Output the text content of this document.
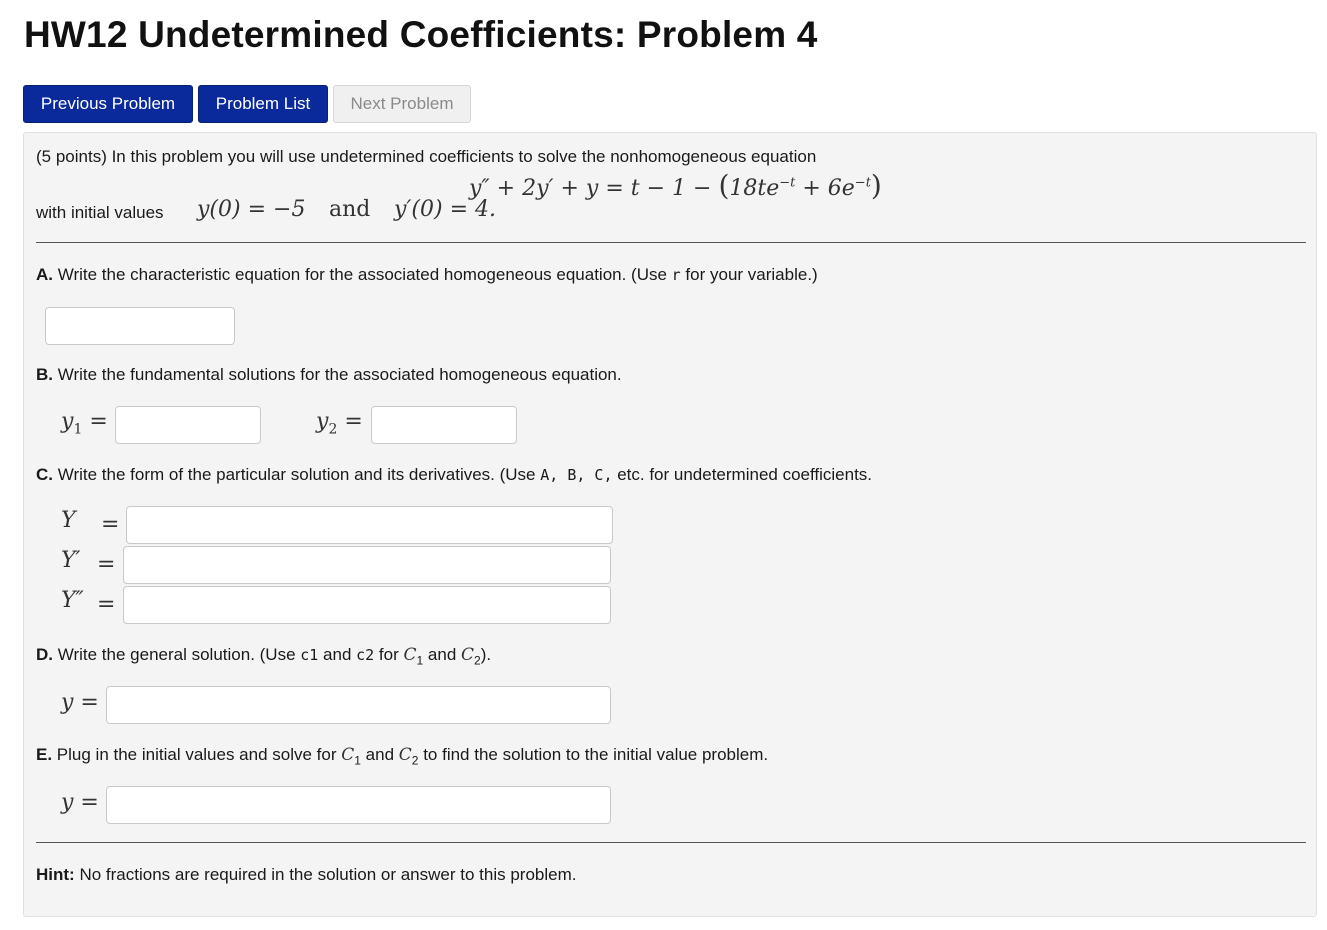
HW12 Undetermined Coefficients: Problem 4
Previous Problem	Problem List	Next Problem
(5 points) In this problem you will use undetermined coefficients to solve the nonhomogeneous equation
$y'' + 2y' + y = t - 1 - (18te^{-t} + 6e^{-t})$
with initial values y(0) = −5 and y′(0) = 4.
A. Write the characteristic equation for the associated homogeneous equation. (Use r for your variable.)
B. Write the fundamental solutions for the associated homogeneous equation.
$y_1$ =	$y_2$ =
C. Write the form of the particular solution and its derivatives. (Use A, B, C, etc. for undetermined coefficients.
Y =
Y′ =
Y″ =
D. Write the general solution. (Use c1 and c2 for $C_1$ and $C_2$).
y =
E. Plug in the initial values and solve for $C_1$ and $C_2$ to find the solution to the initial value problem.
y =
Hint: No fractions are required in the solution or answer to this problem.
